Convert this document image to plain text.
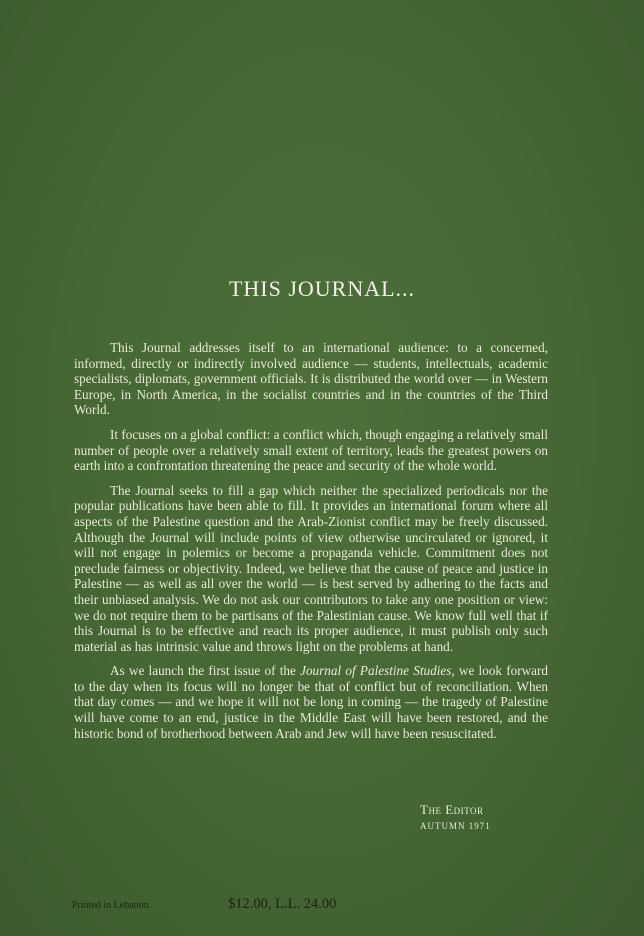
THIS JOURNAL...

This Journal addresses itself to an international audience: to a concerned, informed, directly or indirectly involved audience — students, intellectuals, academic specialists, diplomats, government officials. It is distributed the world over — in Western Europe, in North America, in the socialist countries and in the countries of the Third World.

It focuses on a global conflict: a conflict which, though engaging a relatively small number of people over a relatively small extent of territory, leads the greatest powers on earth into a confrontation threatening the peace and security of the whole world.

The Journal seeks to fill a gap which neither the specialized periodicals nor the popular publications have been able to fill. It provides an international forum where all aspects of the Palestine question and the Arab-Zionist conflict may be freely discussed. Although the Journal will include points of view otherwise uncirculated or ignored, it will not engage in polemics or become a propaganda vehicle. Commitment does not preclude fairness or objectivity. Indeed, we believe that the cause of peace and justice in Palestine — as well as all over the world — is best served by adhering to the facts and their unbiased analysis. We do not ask our contributors to take any one position or view: we do not require them to be partisans of the Palestinian cause. We know full well that if this Journal is to be effective and reach its proper audience, it must publish only such material as has intrinsic value and throws light on the problems at hand.

As we launch the first issue of the Journal of Palestine Studies, we look forward to the day when its focus will no longer be that of conflict but of reconciliation. When that day comes — and we hope it will not be long in coming — the tragedy of Palestine will have come to an end, justice in the Middle East will have been restored, and the historic bond of brotherhood between Arab and Jew will have been resuscitated.

The Editor
AUTUMN 1971
Printed in Lebanon.	$12.00, L.L. 24.00
